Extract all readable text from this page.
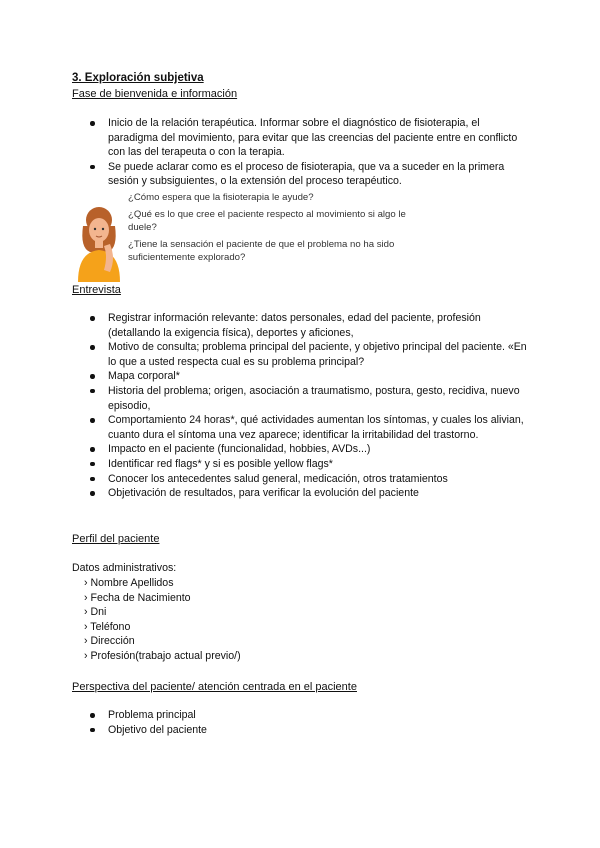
3. Exploración subjetiva
Fase de bienvenida e información
Inicio de la relación terapéutica. Informar sobre el diagnóstico de fisioterapia, el paradigma del movimiento, para evitar que las creencias del paciente entre en conflicto con las del terapeuta o con la terapia.
Se puede aclarar como es el proceso de fisioterapia, que va a suceder en la primera sesión y subsiguientes, o la extensión del proceso terapéutico.

¿Cómo espera que la fisioterapia le ayude?

¿Qué es lo que cree el paciente respecto al movimiento si algo le duele?

¿Tiene la sensación el paciente de que el problema no ha sido suficientemente explorado?

Entrevista
Registrar información relevante: datos personales, edad del paciente, profesión (detallando la exigencia física), deportes y aficiones,
Motivo de consulta; problema principal del paciente, y objetivo principal del paciente. «En lo que a usted respecta cual es su problema principal?
Mapa corporal*
Historia del problema; origen, asociación a traumatismo, postura, gesto, recidiva, nuevo episodio,
Comportamiento 24 horas*, qué actividades aumentan los síntomas, y cuales los alivian, cuanto dura el síntoma una vez aparece; identificar la irritabilidad del trastorno.
Impacto en el paciente (funcionalidad, hobbies, AVDs...)
Identificar red flags* y si es posible yellow flags*
Conocer los antecedentes salud general, medicación, otros tratamientos
Objetivación de resultados, para verificar la evolución del paciente
Perfil del paciente
Datos administrativos:
› Nombre Apellidos
› Fecha de Nacimiento
› Dni
› Teléfono
› Dirección
› Profesión(trabajo actual previo/)
Perspectiva del paciente/ atención centrada en el paciente
Problema principal
Objetivo del paciente
